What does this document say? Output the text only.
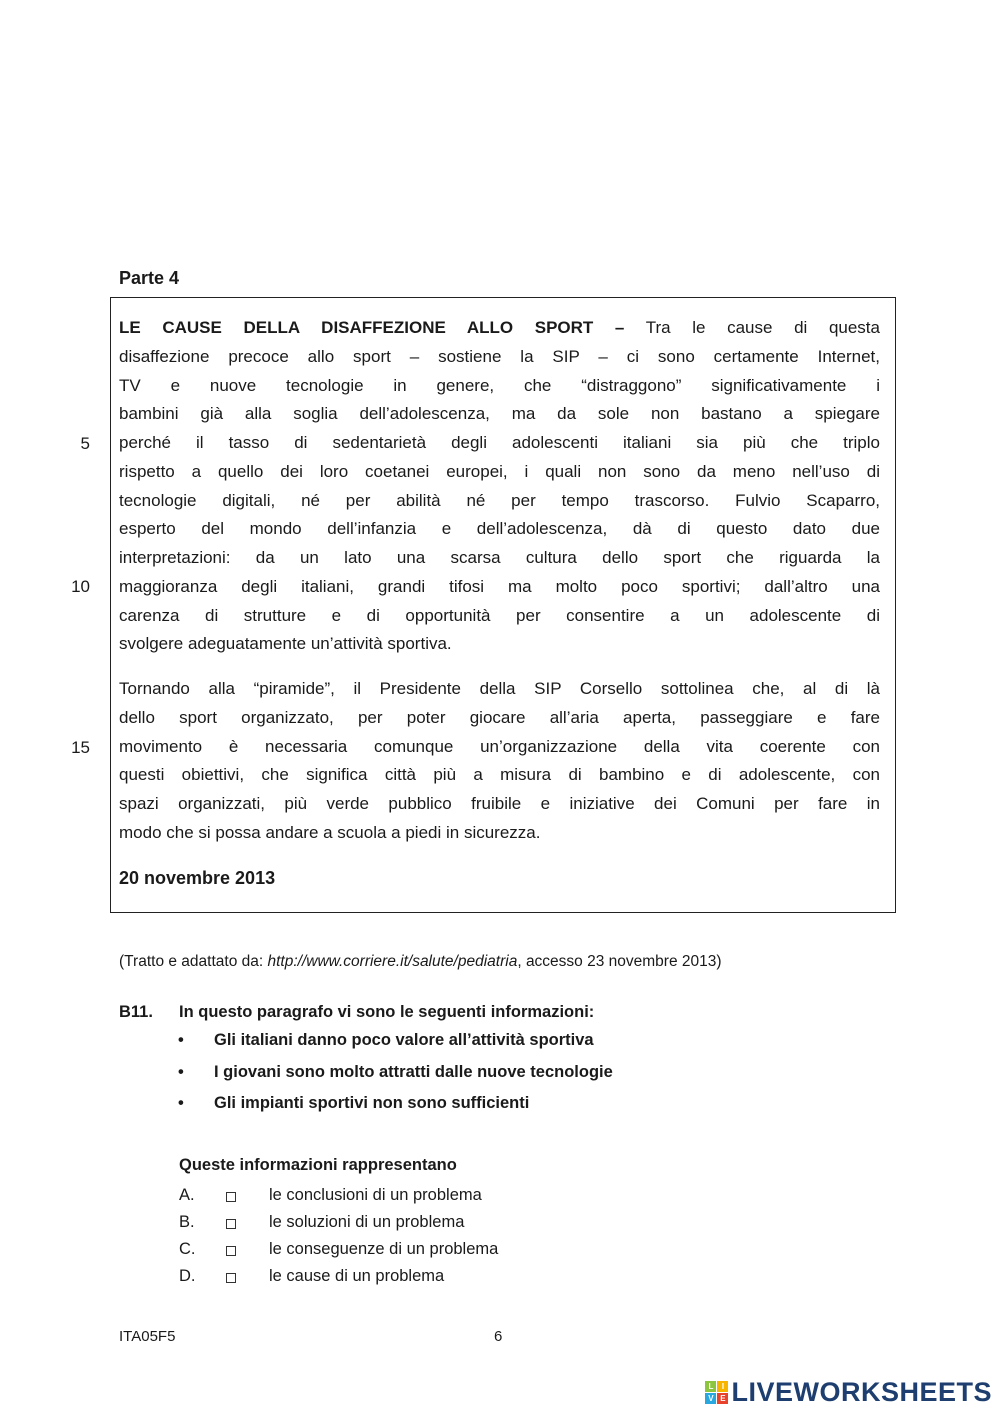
Parte 4
LE CAUSE DELLA DISAFFEZIONE ALLO SPORT – Tra le cause di questa
disaffezione precoce allo sport – sostiene la SIP – ci sono certamente Internet,
TV e nuove tecnologie in genere, che “distraggono” significativamente i
bambini già alla soglia dell’adolescenza, ma da sole non bastano a spiegare
perché il tasso di sedentarietà degli adolescenti italiani sia più che triplo
rispetto a quello dei loro coetanei europei, i quali non sono da meno nell’uso di
tecnologie digitali, né per abilità né per tempo trascorso. Fulvio Scaparro,
esperto del mondo dell’infanzia e dell’adolescenza, dà di questo dato due
interpretazioni: da un lato una scarsa cultura dello sport che riguarda la
maggioranza degli italiani, grandi tifosi ma molto poco sportivi; dall’altro una
carenza di strutture e di opportunità per consentire a un adolescente di
svolgere adeguatamente un’attività sportiva.
Tornando alla “piramide”, il Presidente della SIP Corsello sottolinea che, al di là
dello sport organizzato, per poter giocare all’aria aperta, passeggiare e fare
movimento è necessaria comunque un’organizzazione della vita coerente con
questi obiettivi, che significa città più a misura di bambino e di adolescente, con
spazi organizzati, più verde pubblico fruibile e iniziative dei Comuni per fare in
modo che si possa andare a scuola a piedi in sicurezza.
5
10
15
20 novembre 2013
(Tratto e adattato da: http://www.corriere.it/salute/pediatria, accesso 23 novembre 2013)
B11. In questo paragrafo vi sono le seguenti informazioni:
• Gli italiani danno poco valore all’attività sportiva
• I giovani sono molto attratti dalle nuove tecnologie
• Gli impianti sportivi non sono sufficienti
Queste informazioni rappresentano
A.	le conclusioni di un problema
B.	le soluzioni di un problema
C.	le conseguenze di un problema
D.	le cause di un problema
ITA05F5	6
L	I
V E LIVEWORKSHEETS
